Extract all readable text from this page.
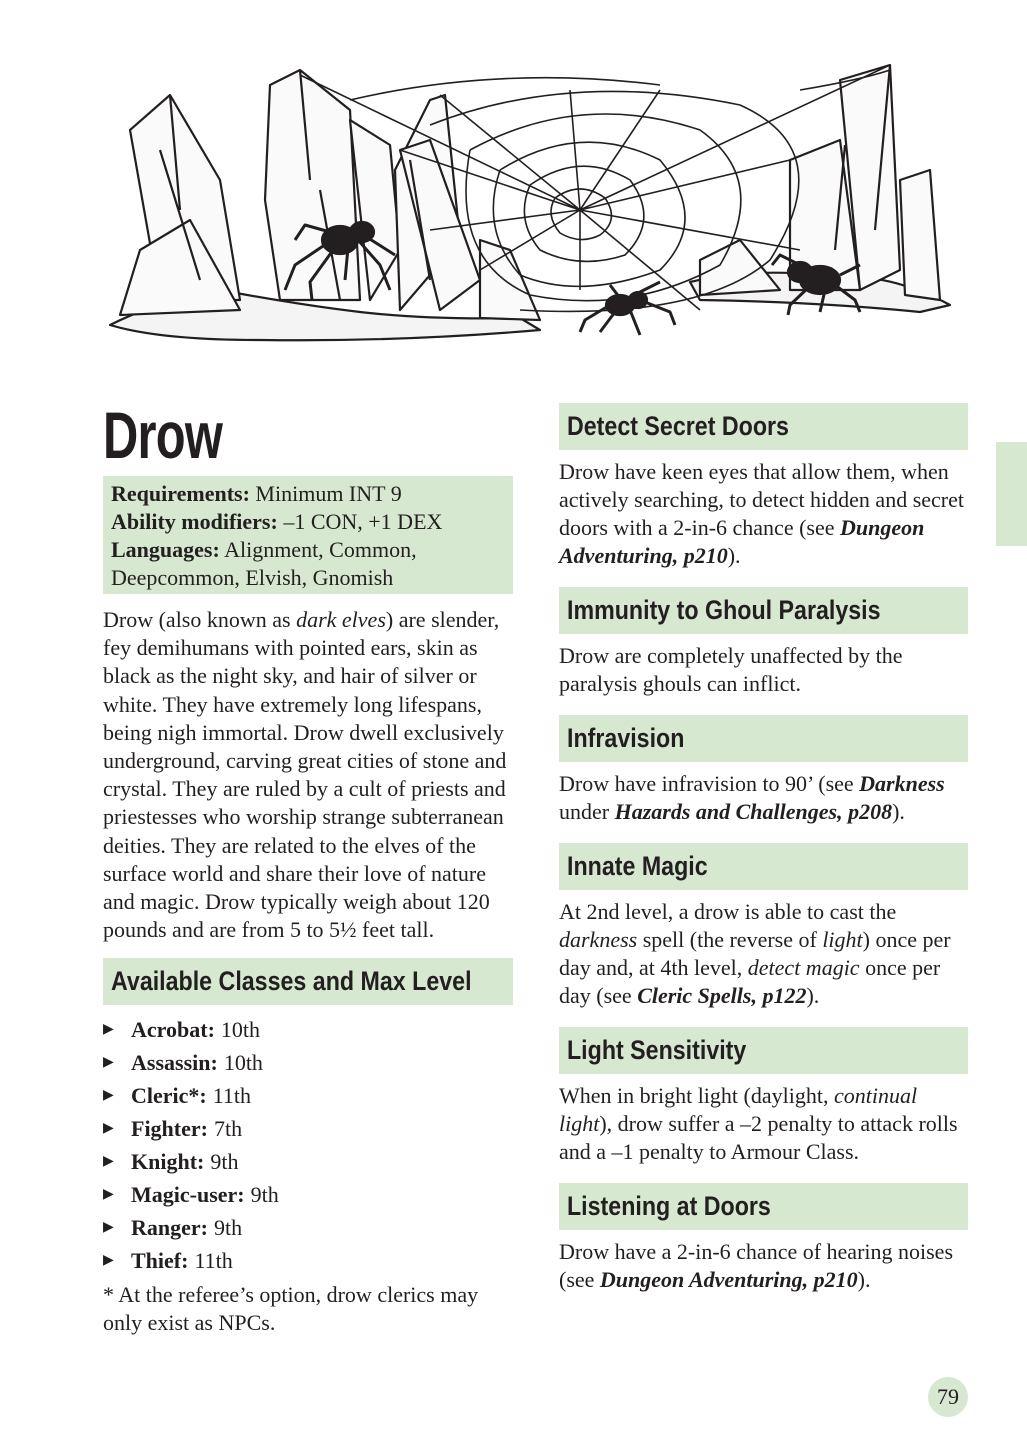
Drow
Requirements: Minimum INT 9
Ability modifiers: –1 CON, +1 DEX
Languages: Alignment, Common, Deepcommon, Elvish, Gnomish

Drow (also known as dark elves) are slender, fey demihumans with pointed ears, skin as black as the night sky, and hair of silver or white. They have extremely long lifespans, being nigh immortal. Drow dwell exclusively underground, carving great cities of stone and crystal. They are ruled by a cult of priests and priestesses who worship strange subterranean deities. They are related to the elves of the surface world and share their love of nature and magic. Drow typically weigh about 120 pounds and are from 5 to 5½ feet tall.

Available Classes and Max Level
▶ Acrobat: 10th
▶ Assassin: 10th
▶ Cleric*: 11th
▶ Fighter: 7th
▶ Knight: 9th
▶ Magic-user: 9th
▶ Ranger: 9th
▶ Thief: 11th

* At the referee’s option, drow clerics may only exist as NPCs.

Detect Secret Doors

Drow have keen eyes that allow them, when actively searching, to detect hidden and secret doors with a 2-in-6 chance (see Dungeon Adventuring, p210).

Immunity to Ghoul Paralysis

Drow are completely unaffected by the paralysis ghouls can inflict.

Infravision

Drow have infravision to 90’ (see Darkness under Hazards and Challenges, p208).

Innate Magic

At 2nd level, a drow is able to cast the darkness spell (the reverse of light) once per day and, at 4th level, detect magic once per day (see Cleric Spells, p122).

Light Sensitivity

When in bright light (daylight, continual light), drow suffer a –2 penalty to attack rolls and a –1 penalty to Armour Class.

Listening at Doors

Drow have a 2-in-6 chance of hearing noises (see Dungeon Adventuring, p210).

79
